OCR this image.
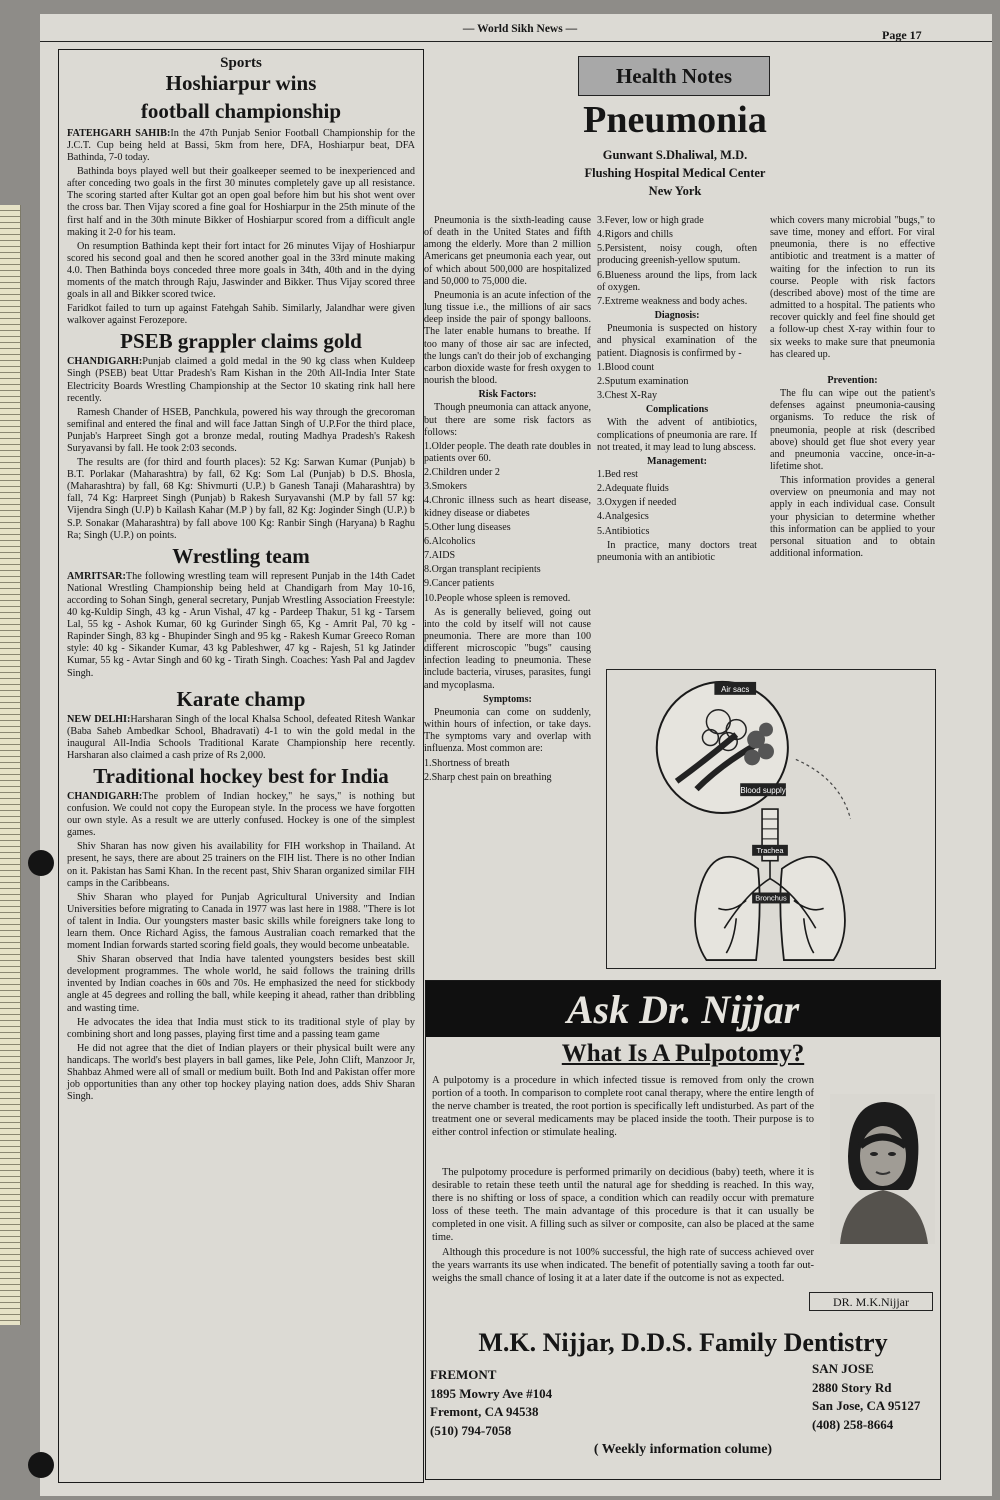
— World Sikh News —	Page 17
Sports
Hoshiarpur wins
football championship

FATEHGARH SAHIB:In the 47th Punjab Senior Football Championship for the J.C.T. Cup being held at Bassi, 5km from here, DFA, Hoshiarpur beat, DFA Bathinda, 7-0 today.

Bathinda boys played well but their goalkeeper seemed to be inexperienced and after conceding two goals in the first 30 minutes completely gave up all resistance. The scoring started after Kultar got an open goal before him but his shot went over the cross bar. Then Vijay scored a fine goal for Hoshiarpur in the 25th minute of the first half and in the 30th minute Bikker of Hoshiarpur scored from a difficult angle making it 2-0 for his team.

On resumption Bathinda kept their fort intact for 26 minutes Vijay of Hoshiarpur scored his second goal and then he scored another goal in the 33rd minute making 4.0. Then Bathinda boys conceded three more goals in 34th, 40th and in the dying moments of the match through Raju, Jaswinder and Bikker. Thus Vijay scored three goals in all and Bikker scored twice.

Faridkot failed to turn up against Fatehgah Sahib. Similarly, Jalandhar were given walkover against Ferozepore.

PSEB grappler claims gold

CHANDIGARH:Punjab claimed a gold medal in the 90 kg class when Kuldeep Singh (PSEB) beat Uttar Pradesh's Ram Kishan in the 20th All-India Inter State Electricity Boards Wrestling Championship at the Sector 10 skating rink hall here recently.

Ramesh Chander of HSEB, Panchkula, powered his way through the grecoroman semifinal and entered the final and will face Jattan Singh of U.P.For the third place, Punjab's Harpreet Singh got a bronze medal, routing Madhya Pradesh's Rakesh Suryavansi by fall. He took 2:03 seconds.

The results are (for third and fourth places): 52 Kg: Sarwan Kumar (Punjab) b B.T. Porlakar (Maharashtra) by fall, 62 Kg: Som Lal (Punjab) b D.S. Bhosla, (Maharashtra) by fall, 68 Kg: Shivmurti (U.P.) b Ganesh Tanaji (Maharashtra) by fall, 74 Kg: Harpreet Singh (Punjab) b Rakesh Suryavanshi (M.P by fall 57 kg: Vijendra Singh (U.P) b Kailash Kahar (M.P ) by fall, 82 Kg: Joginder Singh (U.P.) b S.P. Sonakar (Maharashtra) by fall above 100 Kg: Ranbir Singh (Haryana) b Raghu Ra; Singh (U.P.) on points.

Wrestling team

AMRITSAR:The following wrestling team will represent Punjab in the 14th Cadet National Wrestling Championship being held at Chandigarh from May 10-16, according to Sohan Singh, general secretary, Punjab Wrestling Association Freestyle: 40 kg-Kuldip Singh, 43 kg - Arun Vishal, 47 kg - Pardeep Thakur, 51 kg - Tarsem Lal, 55 kg - Ashok Kumar, 60 kg Gurinder Singh 65, Kg - Amrit Pal, 70 kg - Rapinder Singh, 83 kg - Bhupinder Singh and 95 kg - Rakesh Kumar Greeco Roman style: 40 kg - Sikander Kumar, 43 kg Pableshwer, 47 kg - Rajesh, 51 kg Jatinder Kumar, 55 kg - Avtar Singh and 60 kg - Tirath Singh. Coaches: Yash Pal and Jagdev Singh.

Karate champ

NEW DELHI:Harsharan Singh of the local Khalsa School, defeated Ritesh Wankar (Baba Saheb Ambedkar School, Bhadravati) 4-1 to win the gold medal in the inaugural All-India Schools Traditional Karate Championship here recently. Harsharan also claimed a cash prize of Rs 2,000.

Traditional hockey best for India

CHANDIGARH:The problem of Indian hockey," he says," is nothing but confusion. We could not copy the European style. In the process we have forgotten our own style. As a result we are utterly confused. Hockey is one of the simplest games.

Shiv Sharan has now given his availability for FIH workshop in Thailand. At present, he says, there are about 25 trainers on the FIH list. There is no other Indian on it. Pakistan has Sami Khan. In the recent past, Shiv Sharan organized similar FIH camps in the Caribbeans.

Shiv Sharan who played for Punjab Agricultural University and Indian Universities before migrating to Canada in 1977 was last here in 1988. "There is lot of talent in India. Our youngsters master basic skills while foreigners take long to learn them. Once Richard Agiss, the famous Australian coach remarked that the moment Indian forwards started scoring field goals, they would become unbeatable.

Shiv Sharan observed that India have talented youngsters besides best skill development programmes. The whole world, he said follows the training drills invented by Indian coaches in 60s and 70s. He emphasized the need for stickbody angle at 45 degrees and rolling the ball, while keeping it ahead, rather than dribbling and wasting time.

He advocates the idea that India must stick to its traditional style of play by combining short and long passes, playing first time and a passing team game

He did not agree that the diet of Indian players or their physical built were any handicaps. The world's best players in ball games, like Pele, John Clift, Manzoor Jr, Shahbaz Ahmed were all of small or medium built. Both Ind and Pakistan offer more job opportunities than any other top hockey playing nation does, adds Shiv Sharan Singh.

Health Notes
Pneumonia
Gunwant S.Dhaliwal, M.D.
Flushing Hospital Medical Center
New York

Pneumonia is the sixth-leading cause of death in the United States and fifth among the elderly. More than 2 million Americans get pneumonia each year, out of which about 500,000 are hospitalized and 50,000 to 75,000 die.

Pneumonia is an acute infection of the lung tissue i.e., the millions of air sacs deep inside the pair of spongy balloons. The later enable humans to breathe. If too many of those air sac are infected, the lungs can't do their job of exchanging carbon dioxide waste for fresh oxygen to nourish the blood.

Risk Factors:

Though pneumonia can attack anyone, but there are some risk factors as follows:

1.Older people. The death rate doubles in patients over 60.

2.Children under 2

3.Smokers

4.Chronic illness such as heart disease, kidney disease or diabetes

5.Other lung diseases

6.Alcoholics

7.AIDS

8.Organ transplant recipients

9.Cancer patients

10.People whose spleen is removed.

As is generally believed, going out into the cold by itself will not cause pneumonia. There are more than 100 different microscopic "bugs" causing infection leading to pneumonia. These include bacteria, viruses, parasites, fungi and mycoplasma.

Symptoms:

Pneumonia can come on suddenly, within hours of infection, or take days. The symptoms vary and overlap with influenza. Most common are:

1.Shortness of breath

2.Sharp chest pain on breathing

3.Fever, low or high grade

4.Rigors and chills

5.Persistent, noisy cough, often producing greenish-yellow sputum.

6.Blueness around the lips, from lack of oxygen.

7.Extreme weakness and body aches.

Diagnosis:

Pneumonia is suspected on history and physical examination of the patient. Diagnosis is confirmed by -

1.Blood count

2.Sputum examination

3.Chest X-Ray

Complications

With the advent of antibiotics, complications of pneumonia are rare. If not treated, it may lead to lung abscess.

Management:

1.Bed rest

2.Adequate fluids

3.Oxygen if needed

4.Analgesics

5.Antibiotics

In practice, many doctors treat pneumonia with an antibiotic

which covers many microbial "bugs," to save time, money and effort. For viral pneumonia, there is no effective antibiotic and treatment is a matter of waiting for the infection to run its course. People with risk factors (described above) most of the time are admitted to a hospital. The patients who recover quickly and feel fine should get a follow-up chest X-ray within four to six weeks to make sure that pneumonia has cleared up.

Prevention:

The flu can wipe out the patient's defenses against pneumonia-causing organisms. To reduce the risk of pneumonia, people at risk (described above) should get flue shot every year and pneumonia vaccine, once-in-a-lifetime shot.

This information provides a general overview on pneumonia and may not apply in each individual case. Consult your physician to determine whether this information can be applied to your personal situation and to obtain additional information.

Air sacs
Blood supply
Trachea
Bronchus
Ask Dr. Nijjar
What Is A Pulpotomy?

A pulpotomy is a procedure in which infected tissue is removed from only the crown portion of a tooth. In comparison to complete root canal therapy, where the entire length of the nerve chamber is treated, the root portion is specifically left undisturbed. As part of the treatment one or several medicaments may be placed inside the tooth. Their purpose is to either control infection or stimulate healing.

The pulpotomy procedure is performed primarily on decidious (baby) teeth, where it is desirable to retain these teeth until the natural age for shedding is reached. In this way, there is no shifting or loss of space, a condition which can readily occur with premature loss of these teeth. The main advantage of this procedure is that it can usually be completed in one visit. A filling such as silver or composite, can also be placed at the same time.

Although this procedure is not 100% successful, the high rate of success achieved over the years warrants its use when indicated. The benefit of potentially saving a tooth far out-weighs the small chance of losing it at a later date if the outcome is not as expected.

DR. M.K.Nijjar
M.K. Nijjar, D.D.S. Family Dentistry
FREMONT
1895 Mowry Ave #104
Fremont, CA 94538
(510) 794-7058
SAN JOSE
2880 Story Rd
San Jose, CA 95127
(408) 258-8664
( Weekly information colume)
